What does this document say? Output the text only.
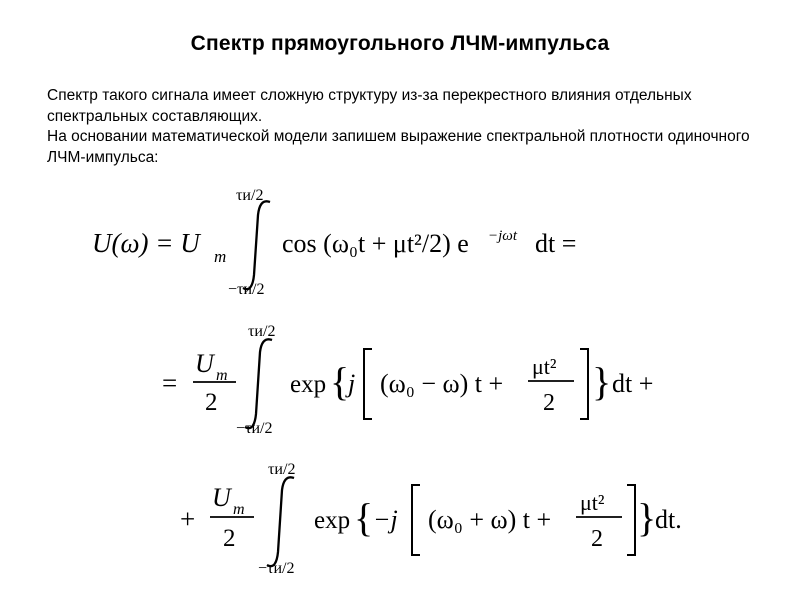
Спектр прямоугольного ЛЧМ-импульса

Спектр такого сигнала имеет сложную структуру из-за перекрестного влияния отдельных спектральных составляющих.

На основании математической модели запишем выражение спектральной плотности одиночного ЛЧМ-импульса:

U(ω) = U m
τи/2
−τи/2
cos (ω₀t + μt²/2) e −jωt dt =
=
U m
2
τи/2
−τи/2
exp {
j (ω₀ − ω) t +
μt²
2 } dt +
+
U m
2
τи/2
−τи/2
exp { −j (ω₀ + ω) t +
μt²
2 }
dt.
